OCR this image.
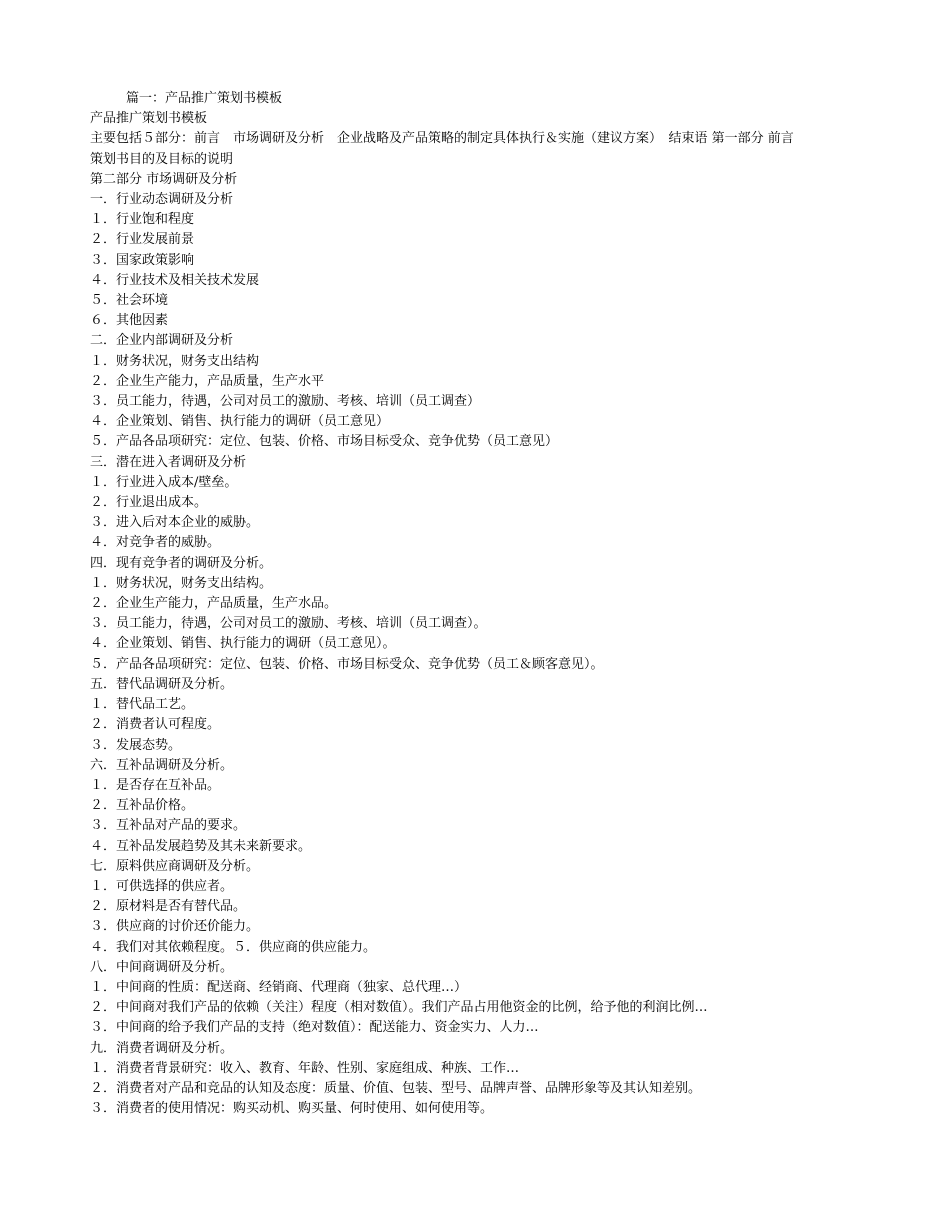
篇一：产品推广策划书模板
产品推广策划书模板
主要包括５部分：前言　市场调研及分析　企业战略及产品策略的制定具体执行＆实施（建议方案）　结束语 第一部分 前言
策划书目的及目标的说明
第二部分 市场调研及分析
一．行业动态调研及分析
１．行业饱和程度
２．行业发展前景
３．国家政策影响
４．行业技术及相关技术发展
５．社会环境
６．其他因素
二．企业内部调研及分析
１．财务状况，财务支出结构
２．企业生产能力，产品质量，生产水平
３．员工能力，待遇，公司对员工的激励、考核、培训（员工调查）
４．企业策划、销售、执行能力的调研（员工意见）
５．产品各品项研究：定位、包装、价格、市场目标受众、竞争优势（员工意见）
三．潜在进入者调研及分析
１．行业进入成本/壁垒。
２．行业退出成本。
３．进入后对本企业的威胁。
４．对竞争者的威胁。
四．现有竞争者的调研及分析。
１．财务状况，财务支出结构。
２．企业生产能力，产品质量，生产水品。
３．员工能力，待遇，公司对员工的激励、考核、培训（员工调查）。
４．企业策划、销售、执行能力的调研（员工意见）。
５．产品各品项研究：定位、包装、价格、市场目标受众、竞争优势（员工＆顾客意见）。
五．替代品调研及分析。
１．替代品工艺。
２．消费者认可程度。
３．发展态势。
六．互补品调研及分析。
１．是否存在互补品。
２．互补品价格。
３．互补品对产品的要求。
４．互补品发展趋势及其未来新要求。
七．原料供应商调研及分析。
１．可供选择的供应者。
２．原材料是否有替代品。
３．供应商的讨价还价能力。
４．我们对其依赖程度。５．供应商的供应能力。
八．中间商调研及分析。
１．中间商的性质：配送商、经销商、代理商（独家、总代理…）
２．中间商对我们产品的依赖（关注）程度（相对数值）。我们产品占用他资金的比例，给予他的利润比例…
３．中间商的给予我们产品的支持（绝对数值）：配送能力、资金实力、人力…
九．消费者调研及分析。
１．消费者背景研究：收入、教育、年龄、性别、家庭组成、种族、工作…
２．消费者对产品和竞品的认知及态度：质量、价值、包装、型号、品牌声誉、品牌形象等及其认知差别。
３．消费者的使用情况：购买动机、购买量、何时使用、如何使用等。
